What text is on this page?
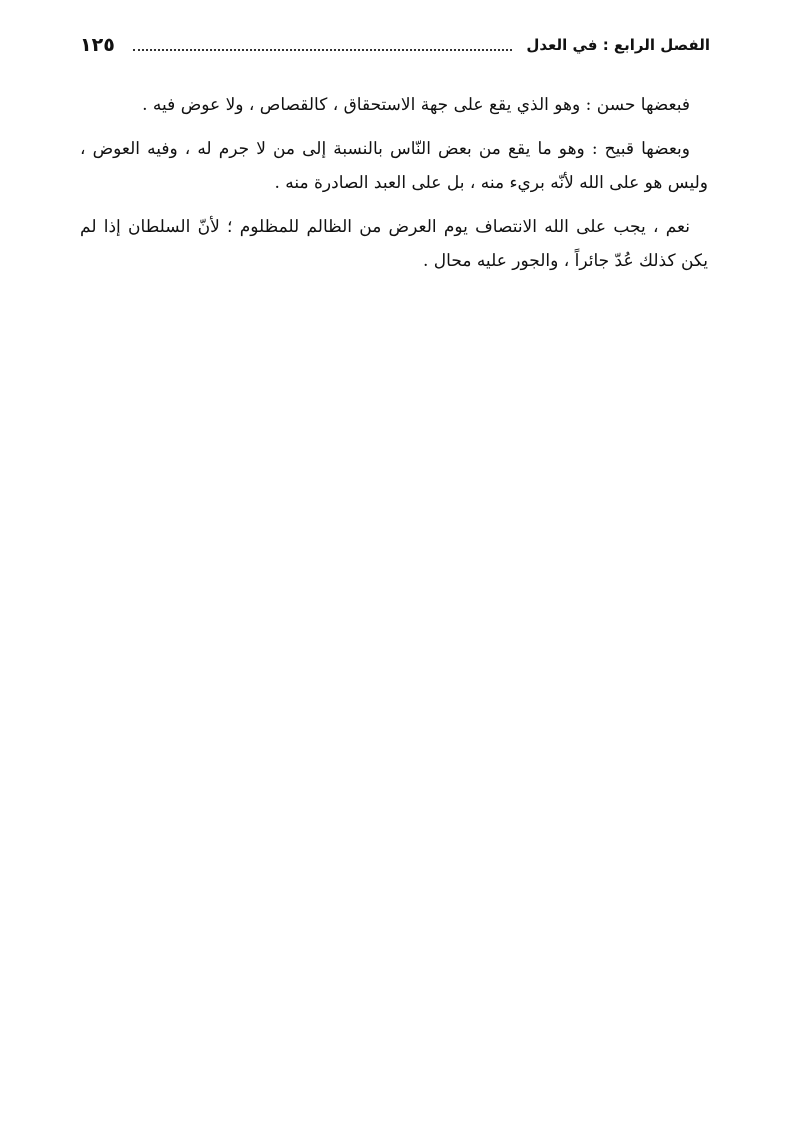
١٢٥	الفصل الرابع : في العدل

فبعضها حسن : وهو الذي يقع على جهة الاستحقاق ، كالقصاص ، ولا عوض فيه .

وبعضها قبيح : وهو ما يقع من بعض النّاس بالنسبة إلى من لا جرم له ، وفيه العوض ، وليس هو على الله لأنّه بريء منه ، بل على العبد الصادرة منه .

نعم ، يجب على الله الانتصاف يوم العرض من الظالم للمظلوم ؛ لأنّ السلطان إذا لم يكن كذلك عُدّ جائراً ، والجور عليه محال .
